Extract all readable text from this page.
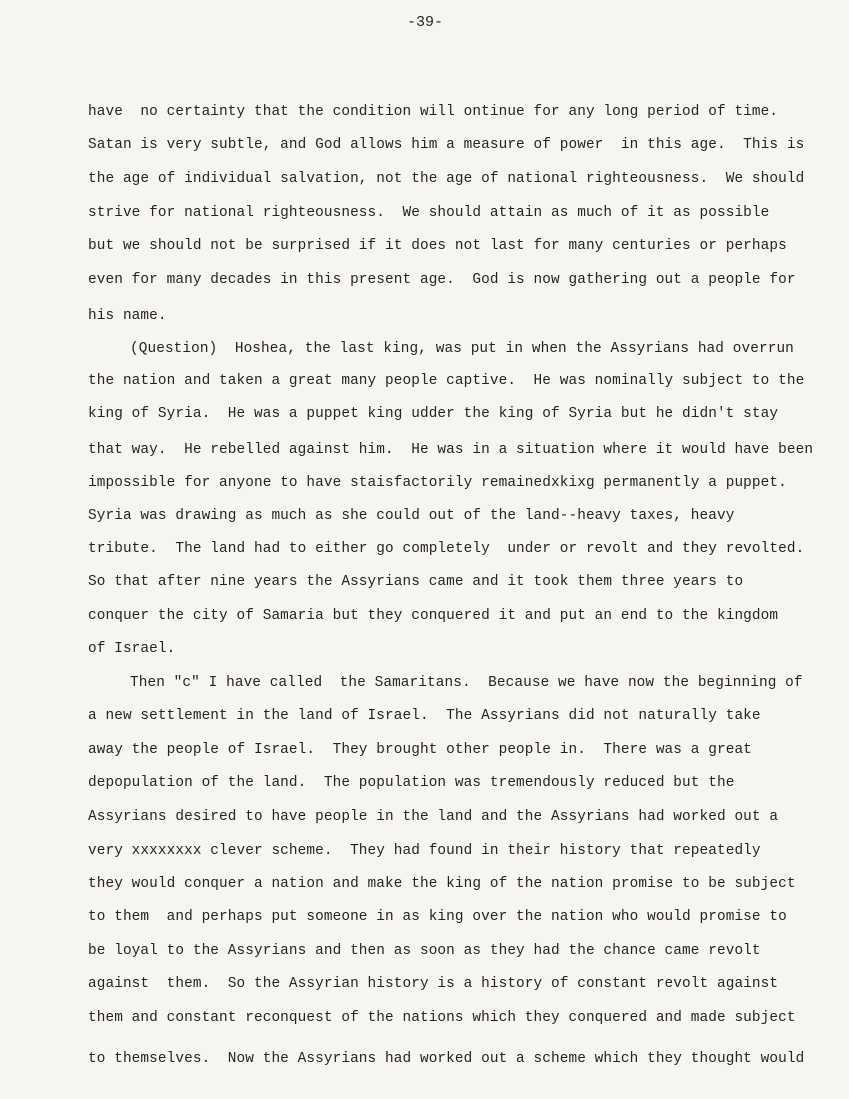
-39-
have  no certainty that the condition will ontinue for any long period of time.
Satan is very subtle, and God allows him a measure of power  in this age.  This is
the age of individual salvation, not the age of national righteousness.  We should
strive for national righteousness.  We should attain as much of it as possible
but we should not be surprised if it does not last for many centuries or perhaps
even for many decades in this present age.  God is now gathering out a people for
his name.
(Question)  Hoshea, the last king, was put in when the Assyrians had overrun
the nation and taken a great many people captive.  He was nominally subject to the
king of Syria.  He was a puppet king udder the king of Syria but he didn't stay
that way.  He rebelled against him.  He was in a situation where it would have been
impossible for anyone to have staisfactorily remainedxkixg permanently a puppet.
Syria was drawing as much as she could out of the land--heavy taxes, heavy
tribute.  The land had to either go completely  under or revolt and they revolted.
So that after nine years the Assyrians came and it took them three years to
conquer the city of Samaria but they conquered it and put an end to the kingdom
of Israel.
Then "c" I have called  the Samaritans.  Because we have now the beginning of
a new settlement in the land of Israel.  The Assyrians did not naturally take
away the people of Israel.  They brought other people in.  There was a great
depopulation of the land.  The population was tremendously reduced but the
Assyrians desired to have people in the land and the Assyrians had worked out a
very xxxxxxxx clever scheme.  They had found in their history that repeatedly
they would conquer a nation and make the king of the nation promise to be subject
to them  and perhaps put someone in as king over the nation who would promise to
be loyal to the Assyrians and then as soon as they had the chance came revolt
against  them.  So the Assyrian history is a history of constant revolt against
them and constant reconquest of the nations which they conquered and made subject
to themselves.  Now the Assyrians had worked out a scheme which they thought would
